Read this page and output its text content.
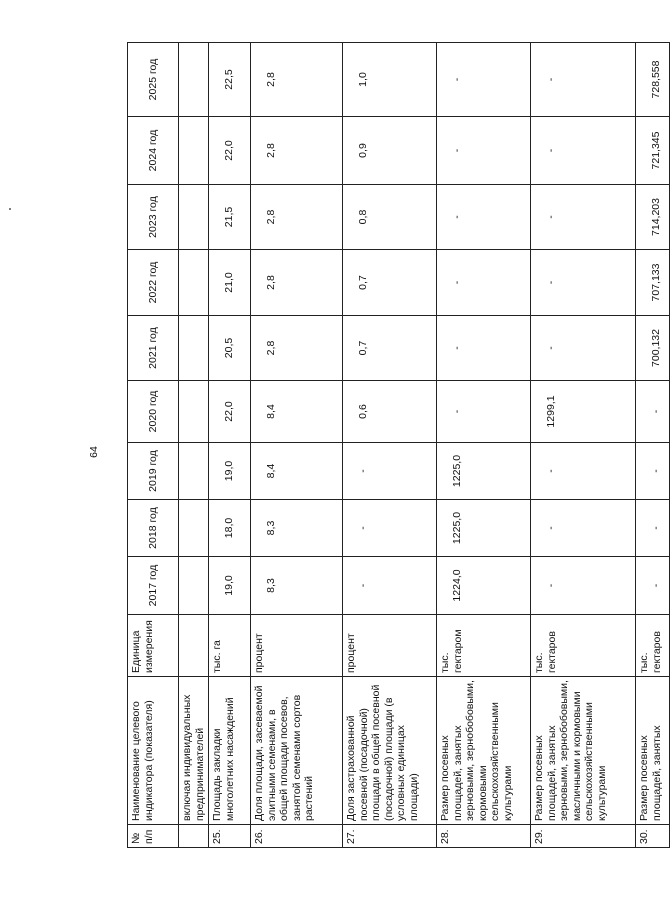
64
№ п/п	Наименование целевого индикатора (показателя)	Единица измерения	2017 год	2018 год	2019 год	2020 год	2021 год	2022 год	2023 год	2024 год	2025 год
	включая индивидуальных предпринимателей										
25.	Площадь закладки многолетних насаждений	тыс. га	19,0	18,0	19,0	22,0	20,5	21,0	21,5	22,0	22,5
26.	Доля площади, засеваемой элитными семенами, в общей площади посевов, занятой семенами сортов растений	процент	8,3	8,3	8,4	8,4	2,8	2,8	2,8	2,8	2,8
27.	Доля застрахованной посевной (посадочной) площади в общей посевной (посадочной) площади (в условных единицах площади)	процент	-	-	-	0,6	0,7	0,7	0,8	0,9	1,0
28.	Размер посевных площадей, занятых зерновыми, зернобобовыми, кормовыми сельскохозяйственными культурами	тыс. гектаром	1224,0	1225,0	1225,0	-	-	-	-	-	-
29.	Размер посевных площадей, занятых зерновыми, зернобобовыми, масличными и кормовыми сельскохозяйственными культурами	тыс. гектаров	-	-	-	1299,1	-	-	-	-	-
30.	Размер посевных площадей, занятых	тыс. гектаров	-	-	-	-	700,132	707,133	714,203	721,345	728,558
